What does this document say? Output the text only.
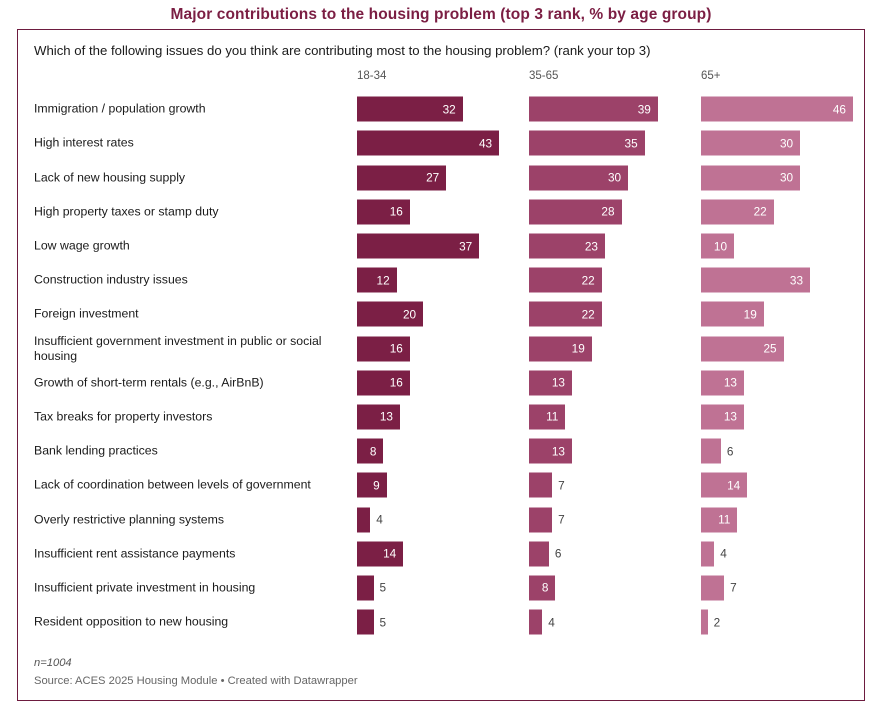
Major contributions to the housing problem (top 3 rank, % by age group)
Which of the following issues do you think are contributing most to the housing problem? (rank your top 3)
18-34	35-65	65+
Immigration / population growth	32	39	46
High interest rates	43	35	30
Lack of new housing supply	27	30	30
High property taxes or stamp duty	16	28	22
Low wage growth	37	23	10
Construction industry issues	12	22	33
Foreign investment	20	22	19
Insufficient government investment in public or social housing	16	19	25
Growth of short-term rentals (e.g., AirBnB)	16	13	13
Tax breaks for property investors	13	11	13
Bank lending practices	8	13	6
Lack of coordination between levels of government	9	7	14
Overly restrictive planning systems	4	7	11
Insufficient rent assistance payments	14	6	4
Insufficient private investment in housing	5	8	7
Resident opposition to new housing	5	4	2
n=1004
Source: ACES 2025 Housing Module • Created with Datawrapper
